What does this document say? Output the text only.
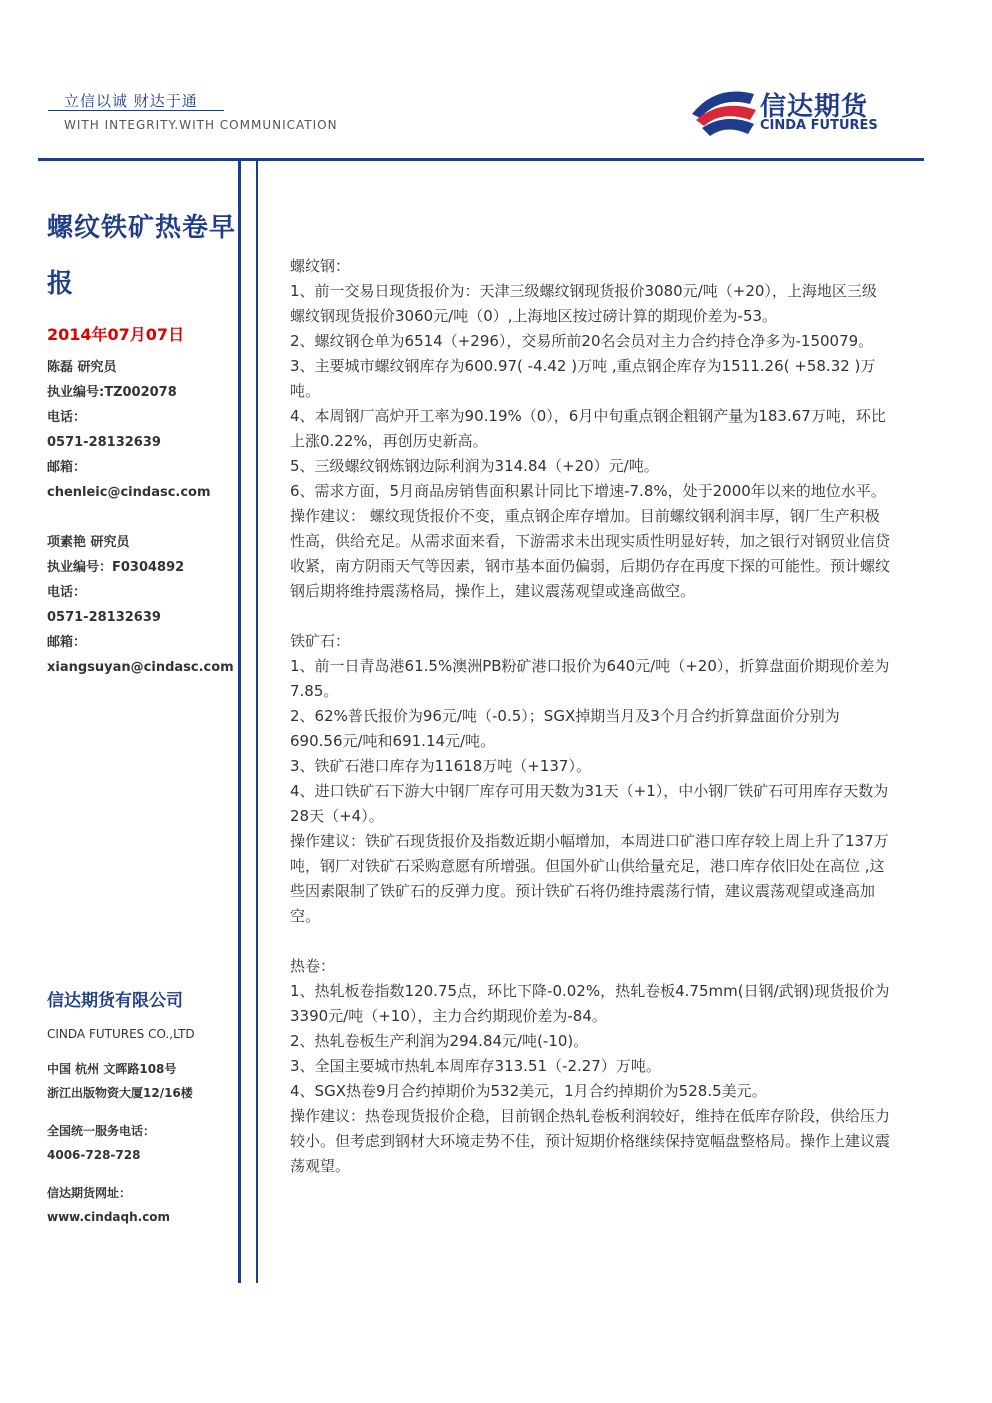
立信以诚 财达于通
WITH INTEGRITY.WITH COMMUNICATION
信达期货
CINDA FUTURES
螺纹铁矿热卷早
报
2014年07月07日
陈磊 研究员
执业编号:TZ002078
电话：
0571-28132639
邮箱：
chenleic@cindasc.com
项素艳 研究员
执业编号：F0304892
电话：
0571-28132639
邮箱：
xiangsuyan@cindasc.com
信达期货有限公司
CINDA FUTURES CO.,LTD
中国 杭州 文晖路108号
浙江出版物资大厦12/16楼
全国统一服务电话：
4006-728-728
信达期货网址：
www.cindaqh.com

螺纹钢：

1、前一交易日现货报价为：天津三级螺纹钢现货报价3080元/吨（+20），上海地区三级螺纹钢现货报价3060元/吨（0）,上海地区按过磅计算的期现价差为-53。

2、螺纹钢仓单为6514（+296），交易所前20名会员对主力合约持仓净多为-150079。

3、主要城市螺纹钢库存为600.97( -4.42 )万吨 ,重点钢企库存为1511.26( +58.32 )万吨。

4、本周钢厂高炉开工率为90.19%（0），6月中旬重点钢企粗钢产量为183.67万吨，环比上涨0.22%，再创历史新高。

5、三级螺纹钢炼钢边际利润为314.84（+20）元/吨。

6、需求方面，5月商品房销售面积累计同比下增速-7.8%，处于2000年以来的地位水平。

操作建议： 螺纹现货报价不变，重点钢企库存增加。目前螺纹钢利润丰厚，钢厂生产积极性高，供给充足。从需求面来看，下游需求未出现实质性明显好转，加之银行对钢贸业信贷收紧，南方阴雨天气等因素，钢市基本面仍偏弱，后期仍存在再度下探的可能性。预计螺纹钢后期将维持震荡格局，操作上，建议震荡观望或逢高做空。

铁矿石：

1、前一日青岛港61.5%澳洲PB粉矿港口报价为640元/吨（+20），折算盘面价期现价差为7.85。

2、62%普氏报价为96元/吨（-0.5）；SGX掉期当月及3个月合约折算盘面价分别为690.56元/吨和691.14元/吨。

3、铁矿石港口库存为11618万吨（+137）。

4、进口铁矿石下游大中钢厂库存可用天数为31天（+1），中小钢厂铁矿石可用库存天数为28天（+4）。

操作建议：铁矿石现货报价及指数近期小幅增加，本周进口矿港口库存较上周上升了137万吨，钢厂对铁矿石采购意愿有所增强。但国外矿山供给量充足，港口库存依旧处在高位 ,这些因素限制了铁矿石的反弹力度。预计铁矿石将仍维持震荡行情，建议震荡观望或逢高加空。

热卷：

1、热轧板卷指数120.75点，环比下降-0.02%，热轧卷板4.75mm(日钢/武钢)现货报价为3390元/吨（+10），主力合约期现价差为-84。

2、热轧卷板生产利润为294.84元/吨(-10)。

3、全国主要城市热轧本周库存313.51（-2.27）万吨。

4、SGX热卷9月合约掉期价为532美元，1月合约掉期价为528.5美元。

操作建议：热卷现货报价企稳，目前钢企热轧卷板利润较好，维持在低库存阶段，供给压力较小。但考虑到钢材大环境走势不佳，预计短期价格继续保持宽幅盘整格局。操作上建议震荡观望。
